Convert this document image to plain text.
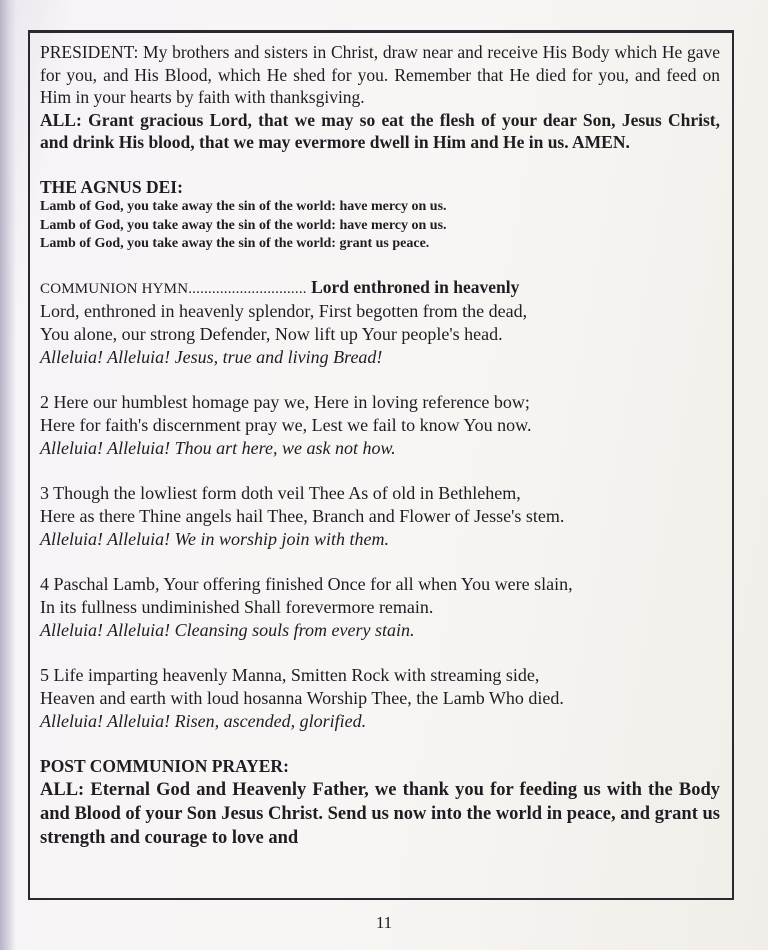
PRESIDENT: My brothers and sisters in Christ, draw near and receive His Body which He gave for you, and His Blood, which He shed for you. Remember that He died for you, and feed on Him in your hearts by faith with thanksgiving.

ALL: Grant gracious Lord, that we may so eat the flesh of your dear Son, Jesus Christ, and drink His blood, that we may evermore dwell in Him and He in us. AMEN.

THE AGNUS DEI:

Lamb of God, you take away the sin of the world: have mercy on us.

Lamb of God, you take away the sin of the world: have mercy on us.

Lamb of God, you take away the sin of the world: grant us peace.

COMMUNION HYMN.............................. Lord enthroned in heavenly

Lord, enthroned in heavenly splendor, First begotten from the dead,

You alone, our strong Defender, Now lift up Your people's head.

Alleluia! Alleluia! Jesus, true and living Bread!

2 Here our humblest homage pay we, Here in loving reference bow;

Here for faith's discernment pray we, Lest we fail to know You now.

Alleluia! Alleluia! Thou art here, we ask not how.

3 Though the lowliest form doth veil Thee As of old in Bethlehem,

Here as there Thine angels hail Thee, Branch and Flower of Jesse's stem.

Alleluia! Alleluia! We in worship join with them.

4 Paschal Lamb, Your offering finished Once for all when You were slain,

In its fullness undiminished Shall forevermore remain.

Alleluia! Alleluia! Cleansing souls from every stain.

5 Life imparting heavenly Manna, Smitten Rock with streaming side,

Heaven and earth with loud hosanna Worship Thee, the Lamb Who died.

Alleluia! Alleluia! Risen, ascended, glorified.

POST COMMUNION PRAYER:

ALL: Eternal God and Heavenly Father, we thank you for feeding us with the Body and Blood of your Son Jesus Christ. Send us now into the world in peace, and grant us strength and courage to love and

11
